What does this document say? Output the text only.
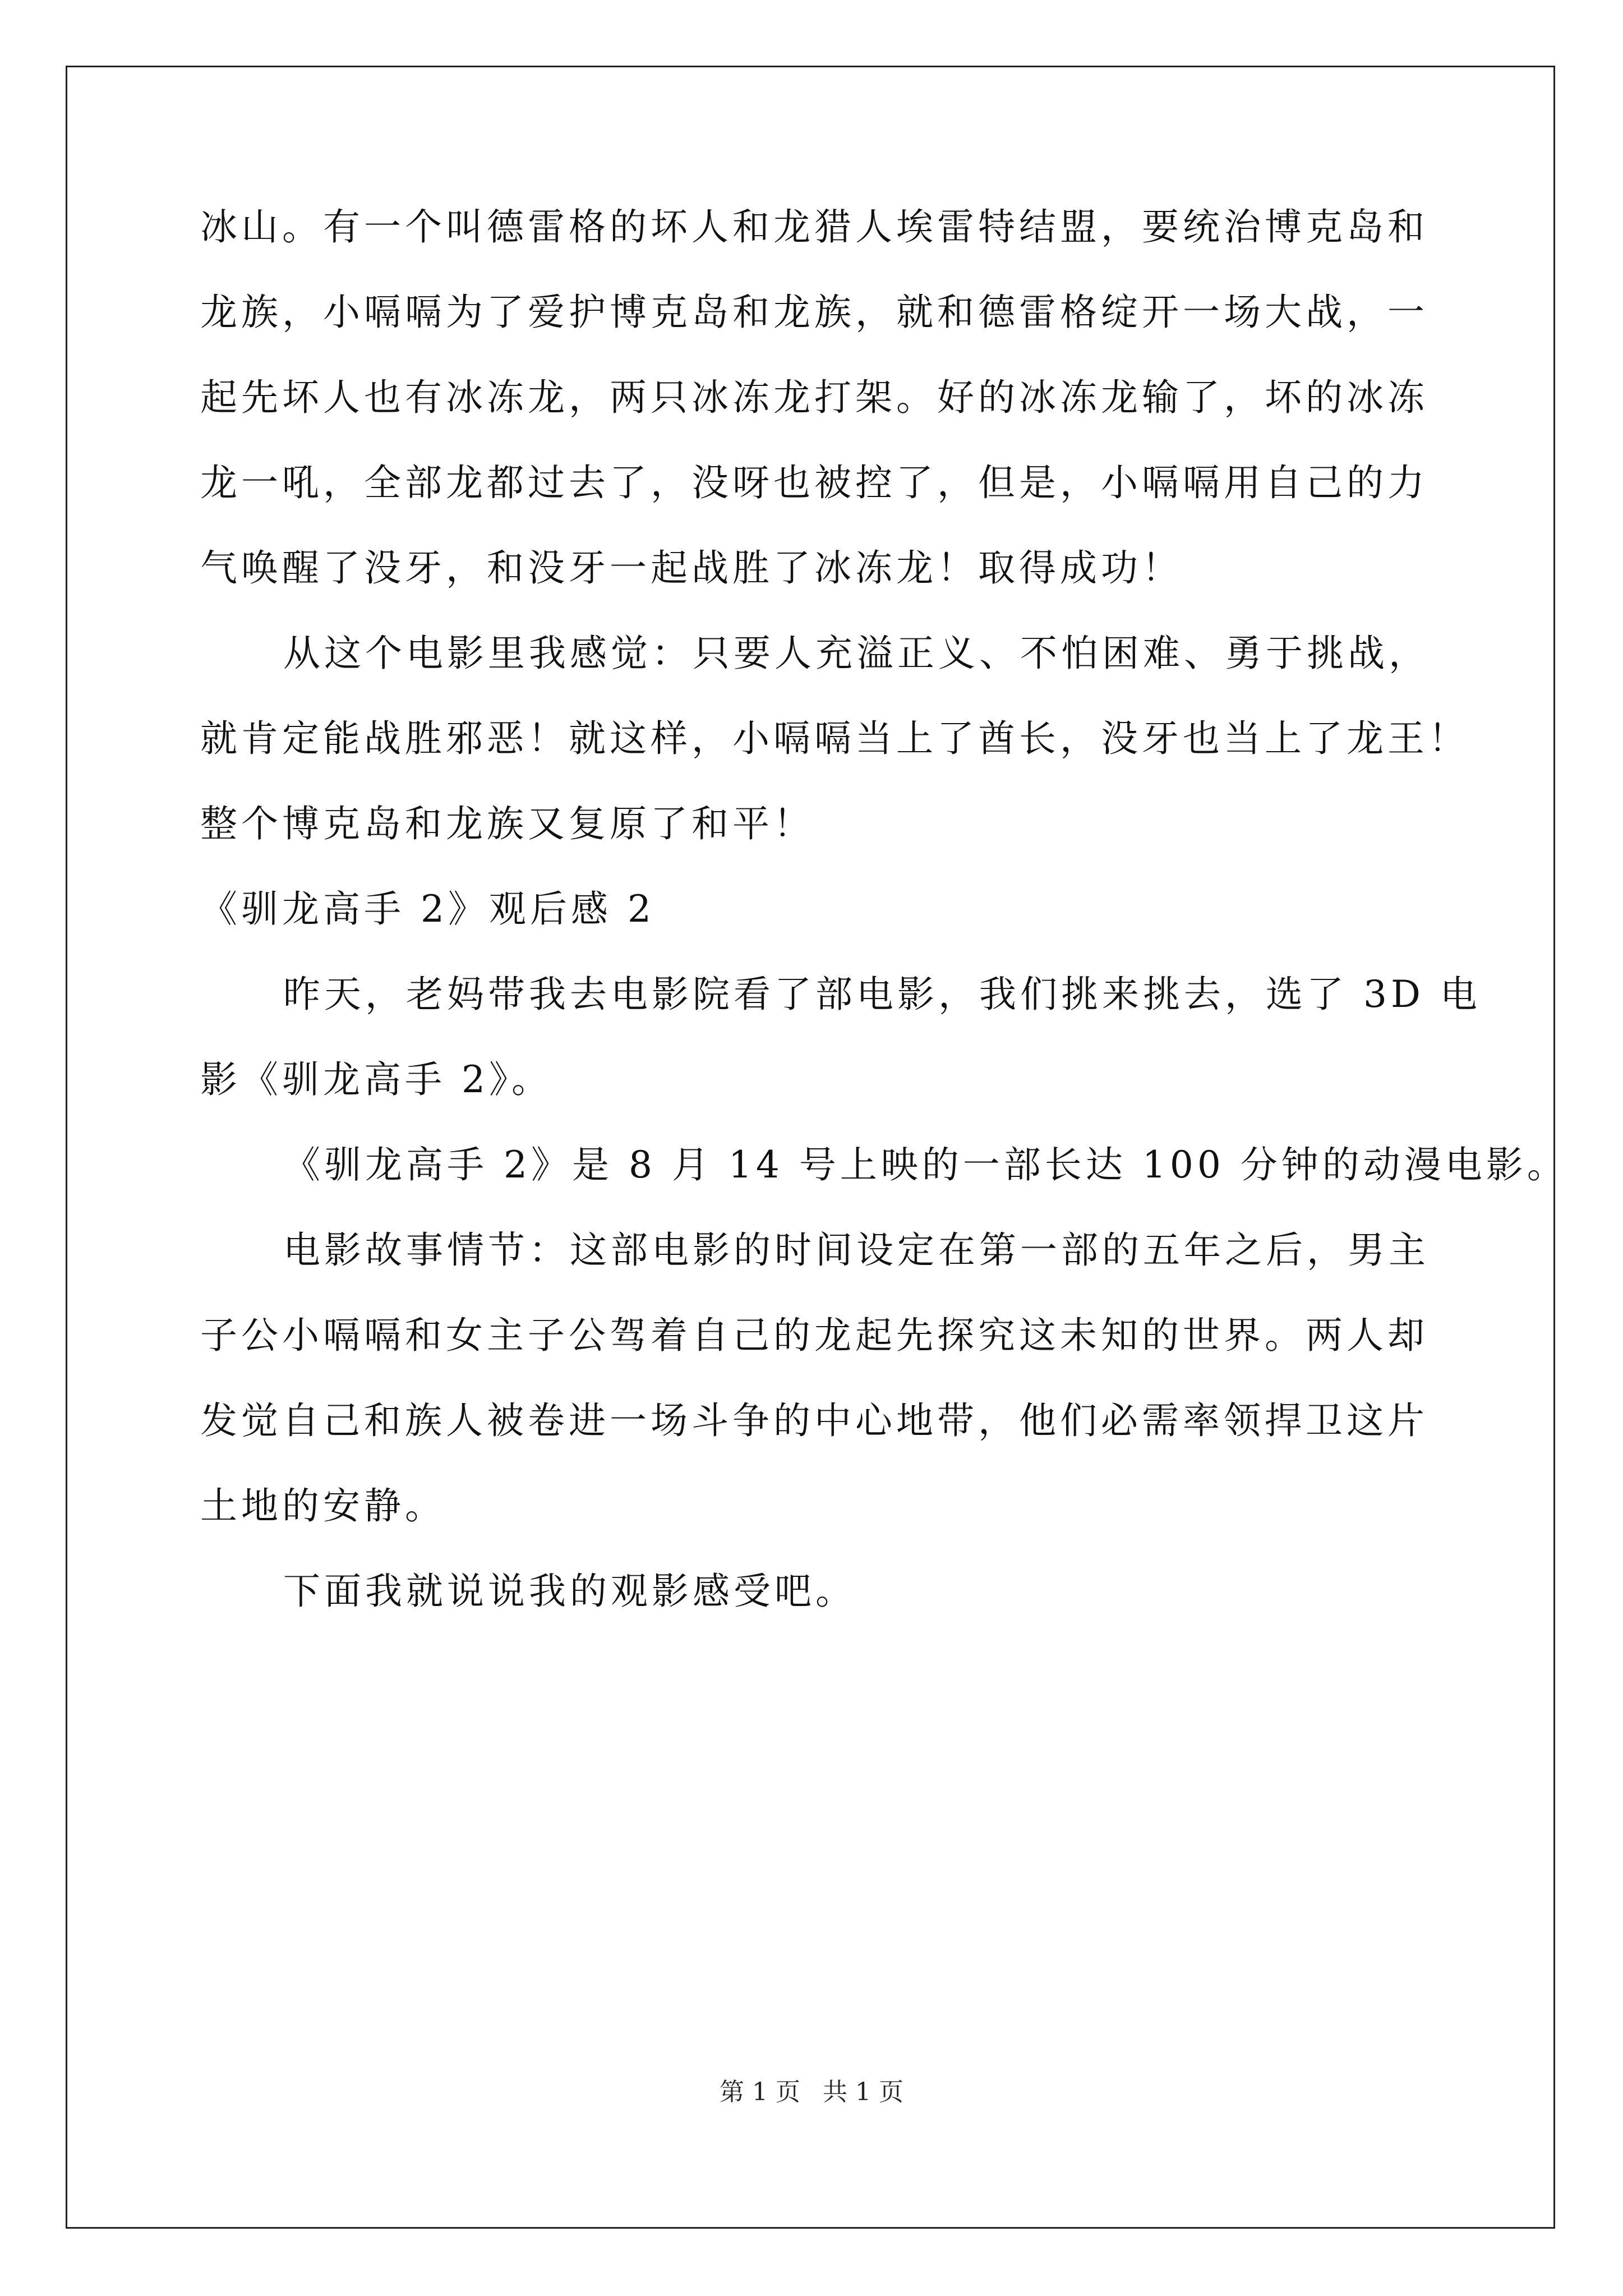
冰山。有一个叫德雷格的坏人和龙猎人埃雷特结盟，要统治博克岛和
龙族，小嗝嗝为了爱护博克岛和龙族，就和德雷格绽开一场大战，一
起先坏人也有冰冻龙，两只冰冻龙打架。好的冰冻龙输了，坏的冰冻
龙一吼，全部龙都过去了，没呀也被控了，但是，小嗝嗝用自己的力
气唤醒了没牙，和没牙一起战胜了冰冻龙！取得成功！
从这个电影里我感觉：只要人充溢正义、不怕困难、勇于挑战，
就肯定能战胜邪恶！就这样，小嗝嗝当上了酋长，没牙也当上了龙王！
整个博克岛和龙族又复原了和平！
《驯龙高手 2》观后感 2
昨天，老妈带我去电影院看了部电影，我们挑来挑去，选了 3D 电
影《驯龙高手 2》。
《驯龙高手 2》是 8 月 14 号上映的一部长达 100 分钟的动漫电影。
电影故事情节：这部电影的时间设定在第一部的五年之后，男主
子公小嗝嗝和女主子公驾着自己的龙起先探究这未知的世界。两人却
发觉自己和族人被卷进一场斗争的中心地带，他们必需率领捍卫这片
土地的安静。
下面我就说说我的观影感受吧。
第 1 页 共 1 页
